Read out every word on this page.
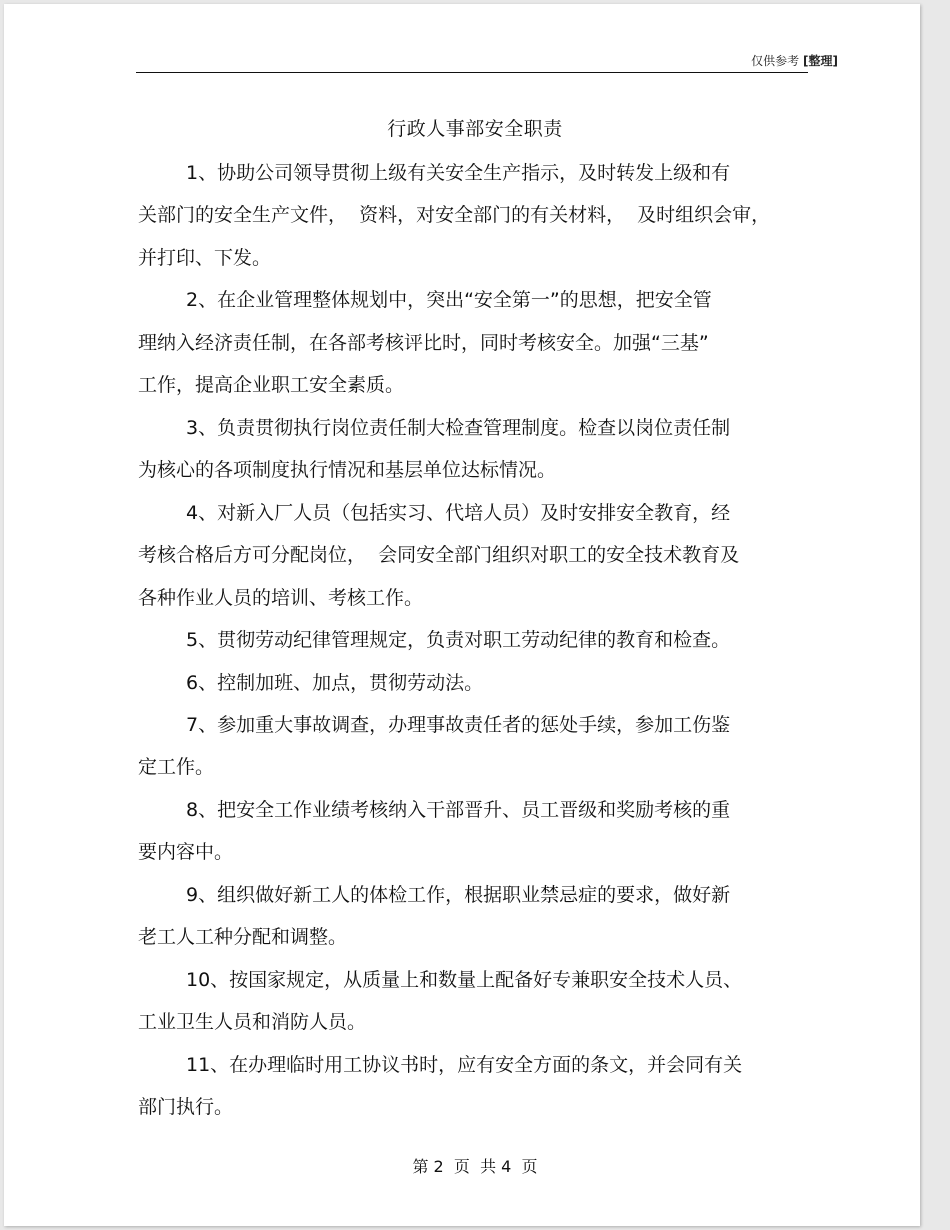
仅供参考 [整理]
行政人事部安全职责
1、协助公司领导贯彻上级有关安全生产指示，及时转发上级和有
关部门的安全生产文件，  资料，对安全部门的有关材料，  及时组织会审，
并打印、下发。
2、在企业管理整体规划中，突出“安全第一”的思想，把安全管
理纳入经济责任制，在各部考核评比时，同时考核安全。加强“三基”
工作，提高企业职工安全素质。
3、负责贯彻执行岗位责任制大检查管理制度。检查以岗位责任制
为核心的各项制度执行情况和基层单位达标情况。
4、对新入厂人员（包括实习、代培人员）及时安排安全教育，经
考核合格后方可分配岗位，  会同安全部门组织对职工的安全技术教育及
各种作业人员的培训、考核工作。
5、贯彻劳动纪律管理规定，负责对职工劳动纪律的教育和检查。
6、控制加班、加点，贯彻劳动法。
7、参加重大事故调查，办理事故责任者的惩处手续，参加工伤鉴
定工作。
8、把安全工作业绩考核纳入干部晋升、员工晋级和奖励考核的重
要内容中。
9、组织做好新工人的体检工作，根据职业禁忌症的要求，做好新
老工人工种分配和调整。
10、按国家规定，从质量上和数量上配备好专兼职安全技术人员、
工业卫生人员和消防人员。
11、在办理临时用工协议书时，应有安全方面的条文，并会同有关
部门执行。
第 2  页  共 4  页
